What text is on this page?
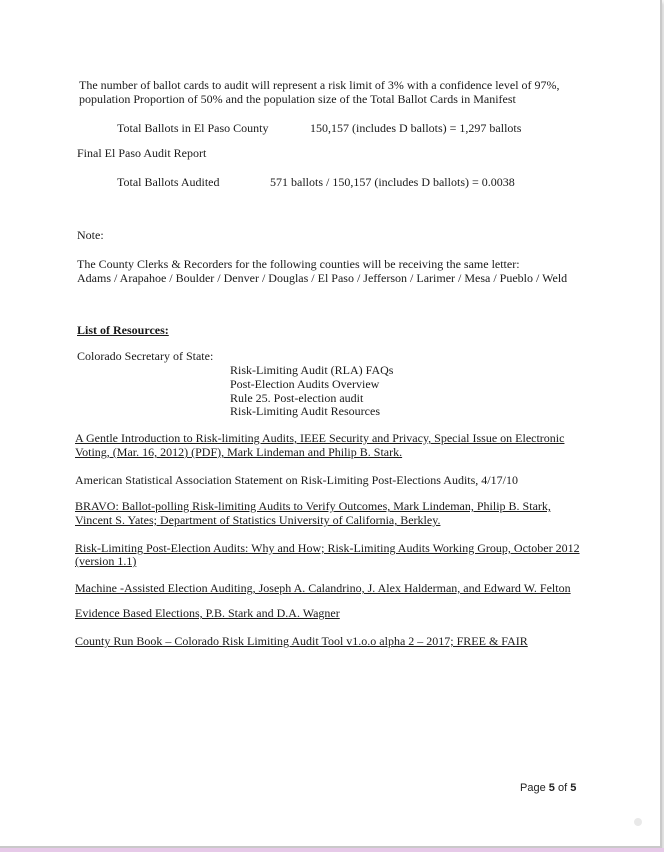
The number of ballot cards to audit will represent a risk limit of 3% with a confidence level of 97%,
population Proportion of 50% and the population size of the Total Ballot Cards in Manifest
Total Ballots in El Paso County	150,157 (includes D ballots) = 1,297 ballots
Final El Paso Audit Report
Total Ballots Audited	571 ballots / 150,157 (includes D ballots) = 0.0038
Note:
The County Clerks & Recorders for the following counties will be receiving the same letter:
Adams / Arapahoe / Boulder / Denver / Douglas / El Paso / Jefferson / Larimer / Mesa / Pueblo / Weld
List of Resources:
Colorado Secretary of State:
Risk-Limiting Audit (RLA) FAQs
Post-Election Audits Overview
Rule 25. Post-election audit
Risk-Limiting Audit Resources
A Gentle Introduction to Risk-limiting Audits, IEEE Security and Privacy, Special Issue on Electronic
Voting, (Mar. 16, 2012) (PDF), Mark Lindeman and Philip B. Stark.
American Statistical Association Statement on Risk-Limiting Post-Elections Audits, 4/17/10
BRAVO: Ballot-polling Risk-limiting Audits to Verify Outcomes, Mark Lindeman, Philip B. Stark,
Vincent S. Yates; Department of Statistics University of California, Berkley.
Risk-Limiting Post-Election Audits: Why and How; Risk-Limiting Audits Working Group, October 2012
(version 1.1)
Machine -Assisted Election Auditing, Joseph A. Calandrino, J. Alex Halderman, and Edward W. Felton
Evidence Based Elections, P.B. Stark and D.A. Wagner
County Run Book – Colorado Risk Limiting Audit Tool v1.o.o alpha 2 – 2017; FREE & FAIR
Page 5 of 5
